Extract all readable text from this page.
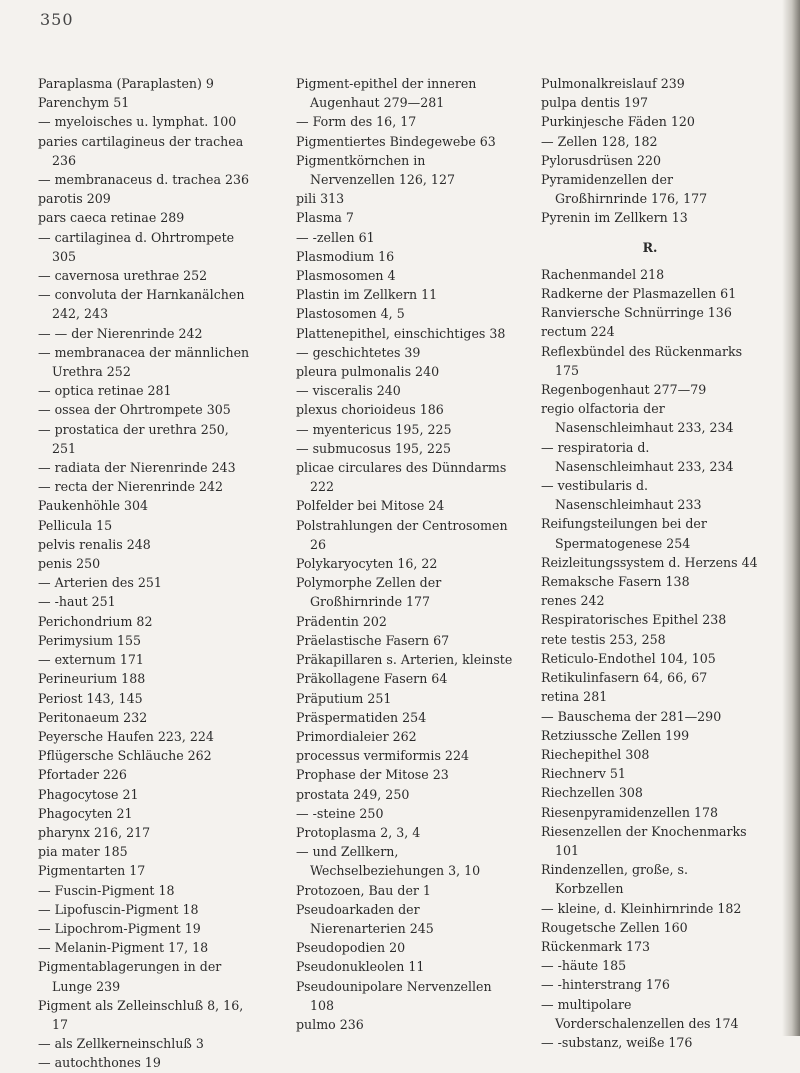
350
Paraplasma (Paraplasten) 9
Parenchym 51
— myeloisches u. lymphat. 100
paries cartilagineus der trachea 236
— membranaceus d. trachea 236
parotis 209
pars caeca retinae 289
— cartilaginea d. Ohrtrompete 305
— cavernosa urethrae 252
— convoluta der Harnkanälchen 242, 243
— — der Nierenrinde 242
— membranacea der männlichen Urethra 252
— optica retinae 281
— ossea der Ohrtrompete 305
— prostatica der urethra 250, 251
— radiata der Nierenrinde 243
— recta der Nierenrinde 242
Paukenhöhle 304
Pellicula 15
pelvis renalis 248
penis 250
— Arterien des 251
— -haut 251
Perichondrium 82
Perimysium 155
— externum 171
Perineurium 188
Periost 143, 145
Peritonaeum 232
Peyersche Haufen 223, 224
Pflügersche Schläuche 262
Pfortader 226
Phagocytose 21
Phagocyten 21
pharynx 216, 217
pia mater 185
Pigmentarten 17
— Fuscin-Pigment 18
— Lipofuscin-Pigment 18
— Lipochrom-Pigment 19
— Melanin-Pigment 17, 18
Pigmentablagerungen in der Lunge 239
Pigment als Zelleinschluß 8, 16, 17
— als Zellkerneinschluß 3
— autochthones 19
Pigment-epithel der inneren Augenhaut 279—281
— Form des 16, 17
Pigmentiertes Bindegewebe 63
Pigmentkörnchen in Nervenzellen 126, 127
pili 313
Plasma 7
— -zellen 61
Plasmodium 16
Plasmosomen 4
Plastin im Zellkern 11
Plastosomen 4, 5
Plattenepithel, einschichtiges 38
— geschichtetes 39
pleura pulmonalis 240
— visceralis 240
plexus chorioideus 186
— myentericus 195, 225
— submucosus 195, 225
plicae circulares des Dünndarms 222
Polfelder bei Mitose 24
Polstrahlungen der Centrosomen 26
Polykaryocyten 16, 22
Polymorphe Zellen der Großhirnrinde 177
Prädentin 202
Präelastische Fasern 67
Präkapillaren s. Arterien, kleinste
Präkollagene Fasern 64
Präputium 251
Präspermatiden 254
Primordialeier 262
processus vermiformis 224
Prophase der Mitose 23
prostata 249, 250
— -steine 250
Protoplasma 2, 3, 4
— und Zellkern, Wechselbeziehungen 3, 10
Protozoen, Bau der 1
Pseudoarkaden der Nierenarterien 245
Pseudopodien 20
Pseudonukleolen 11
Pseudounipolare Nervenzellen 108
pulmo 236
Pulmonalkreislauf 239
pulpa dentis 197
Purkinjesche Fäden 120
— Zellen 128, 182
Pylorusdrüsen 220
Pyramidenzellen der Großhirnrinde 176, 177
Pyrenin im Zellkern 13
R.
Rachenmandel 218
Radkerne der Plasmazellen 61
Ranviersche Schnürringe 136
rectum 224
Reflexbündel des Rückenmarks 175
Regenbogenhaut 277—79
regio olfactoria der Nasenschleimhaut 233, 234
— respiratoria d. Nasenschleimhaut 233, 234
— vestibularis d. Nasenschleimhaut 233
Reifungsteilungen bei der Spermatogenese 254
Reizleitungssystem d. Herzens 44
Remaksche Fasern 138
renes 242
Respiratorisches Epithel 238
rete testis 253, 258
Reticulo-Endothel 104, 105
Retikulinfasern 64, 66, 67
retina 281
— Bauschema der 281—290
Retziussche Zellen 199
Riechepithel 308
Riechnerv 51
Riechzellen 308
Riesenpyramidenzellen 178
Riesenzellen der Knochenmarks 101
Rindenzellen, große, s. Korbzellen
— kleine, d. Kleinhirnrinde 182
Rougetsche Zellen 160
Rückenmark 173
— -häute 185
— -hinterstrang 176
— multipolare Vorderschalenzellen des 174
— -substanz, weiße 176
